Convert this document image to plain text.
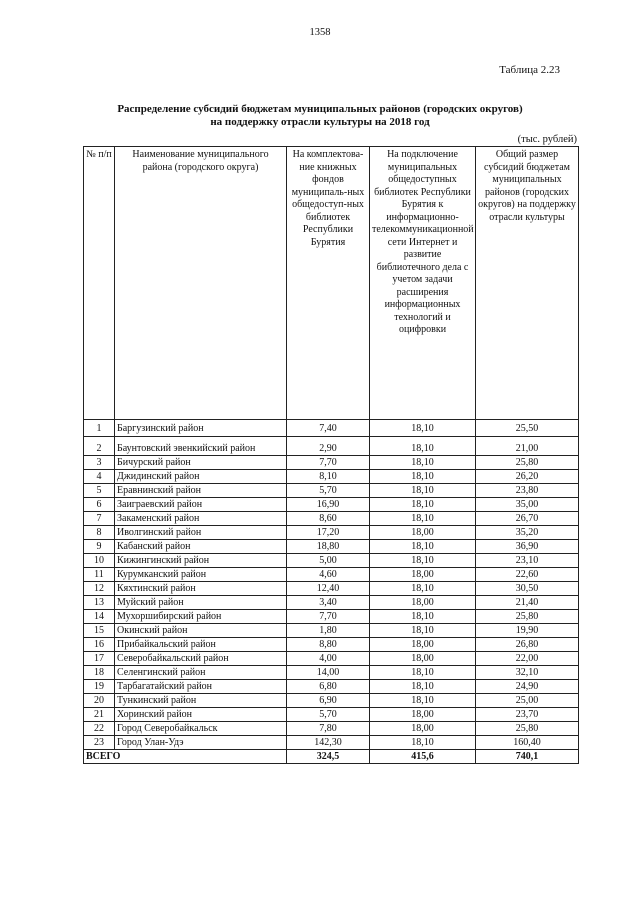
1358
Таблица 2.23
Распределение субсидий бюджетам муниципальных районов (городских округов)
на поддержку отрасли культуры на 2018 год
(тыс. рублей)
№ п/п	Наименование муниципального района (городского округа)	На комплектова-ние книжных фондов муниципаль-ных общедоступ-ных библиотек Республики Бурятия	На подключение муниципальных общедоступных библиотек Республики Бурятия к информационно-телекоммуникационной сети Интернет и развитие библиотечного дела с учетом задачи расширения информационных технологий и оцифровки	Общий размер субсидий бюджетам муниципальных районов (городских округов) на поддержку отрасли культуры
1	Баргузинский район	7,40	18,10	25,50

2	Баунтовский эвенкийский район	2,90	18,10	21,00
3	Бичурский район	7,70	18,10	25,80
4	Джидинский район	8,10	18,10	26,20
5	Еравнинский район	5,70	18,10	23,80
6	Заиграевский район	16,90	18,10	35,00
7	Закаменский район	8,60	18,10	26,70
8	Иволгинский район	17,20	18,00	35,20
9	Кабанский район	18,80	18,10	36,90
10	Кижингинский район	5,00	18,10	23,10
11	Курумканский район	4,60	18,00	22,60
12	Кяхтинский район	12,40	18,10	30,50
13	Муйский район	3,40	18,00	21,40
14	Мухоршибирский район	7,70	18,10	25,80
15	Окинский район	1,80	18,10	19,90
16	Прибайкальский район	8,80	18,00	26,80
17	Северобайкальский район	4,00	18,00	22,00
18	Селенгинский район	14,00	18,10	32,10
19	Тарбагатайский район	6,80	18,10	24,90
20	Тункинский район	6,90	18,10	25,00
21	Хоринский район	5,70	18,00	23,70
22	Город Северобайкальск	7,80	18,00	25,80
23	Город Улан-Удэ	142,30	18,10	160,40
ВСЕГО		324,5	415,6	740,1
